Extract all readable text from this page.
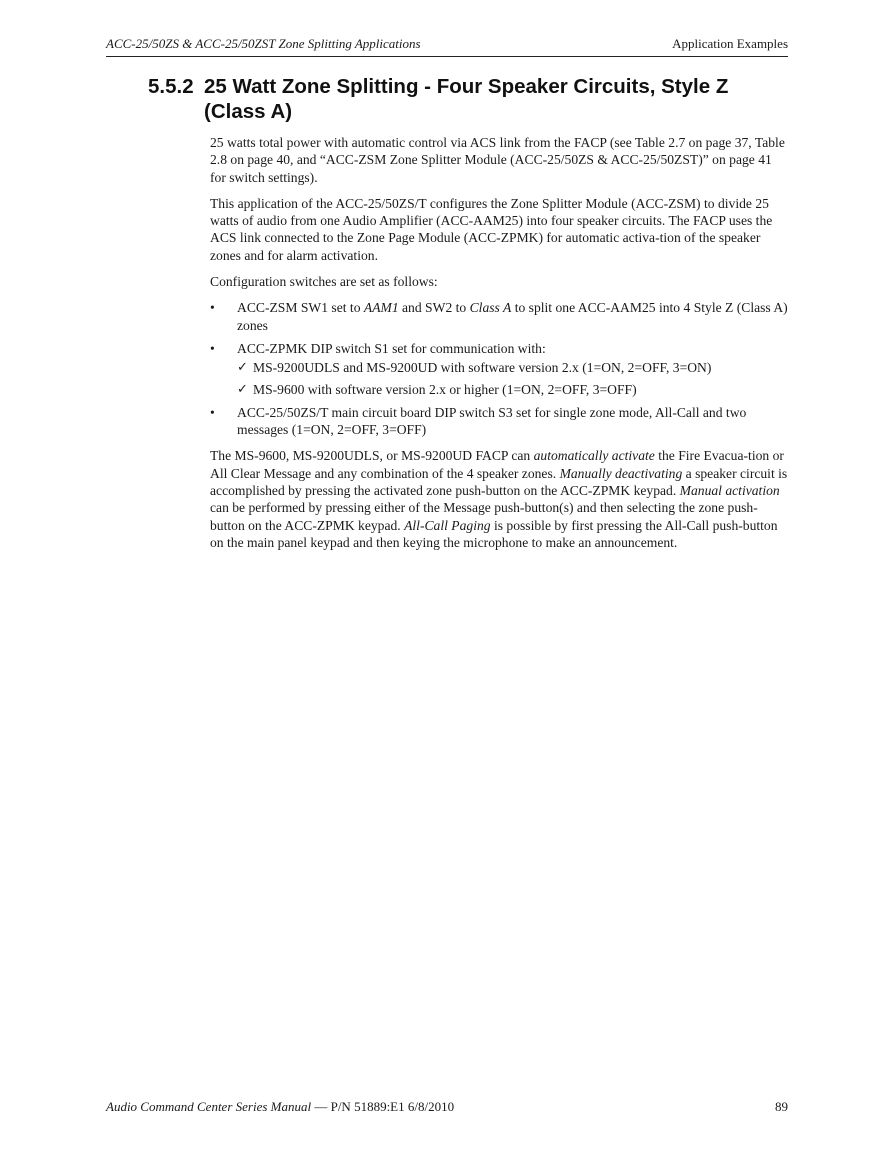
ACC-25/50ZS & ACC-25/50ZST Zone Splitting Applications	Application Examples
5.5.2 25 Watt Zone Splitting - Four Speaker Circuits, Style Z
(Class A)

25 watts total power with automatic control via ACS link from the FACP (see Table 2.7 on page 37, Table 2.8 on page 40, and “ACC-ZSM Zone Splitter Module (ACC-25/50ZS & ACC-25/50ZST)” on page 41 for switch settings).

This application of the ACC-25/50ZS/T configures the Zone Splitter Module (ACC-ZSM) to divide 25 watts of audio from one Audio Amplifier (ACC-AAM25) into four speaker circuits. The FACP uses the ACS link connected to the Zone Page Module (ACC-ZPMK) for automatic activa-tion of the speaker zones and for alarm activation.

Configuration switches are set as follows:

• ACC-ZSM SW1 set to AAM1 and SW2 to Class A to split one ACC-AAM25 into 4 Style Z (Class A) zones
• ACC-ZPMK DIP switch S1 set for communication with:
✓ MS-9200UDLS and MS-9200UD with software version 2.x (1=ON, 2=OFF, 3=ON)
✓ MS-9600 with software version 2.x or higher (1=ON, 2=OFF, 3=OFF)
• ACC-25/50ZS/T main circuit board DIP switch S3 set for single zone mode, All-Call and two messages (1=ON, 2=OFF, 3=OFF)

The MS-9600, MS-9200UDLS, or MS-9200UD FACP can automatically activate the Fire Evacua-tion or All Clear Message and any combination of the 4 speaker zones. Manually deactivating a speaker circuit is accomplished by pressing the activated zone push-button on the ACC-ZPMK keypad. Manual activation can be performed by pressing either of the Message push-button(s) and then selecting the zone push-button on the ACC-ZPMK keypad. All-Call Paging is possible by first pressing the All-Call push-button on the main panel keypad and then keying the microphone to make an announcement.

Audio Command Center Series Manual — P/N 51889:E1 6/8/2010	89
